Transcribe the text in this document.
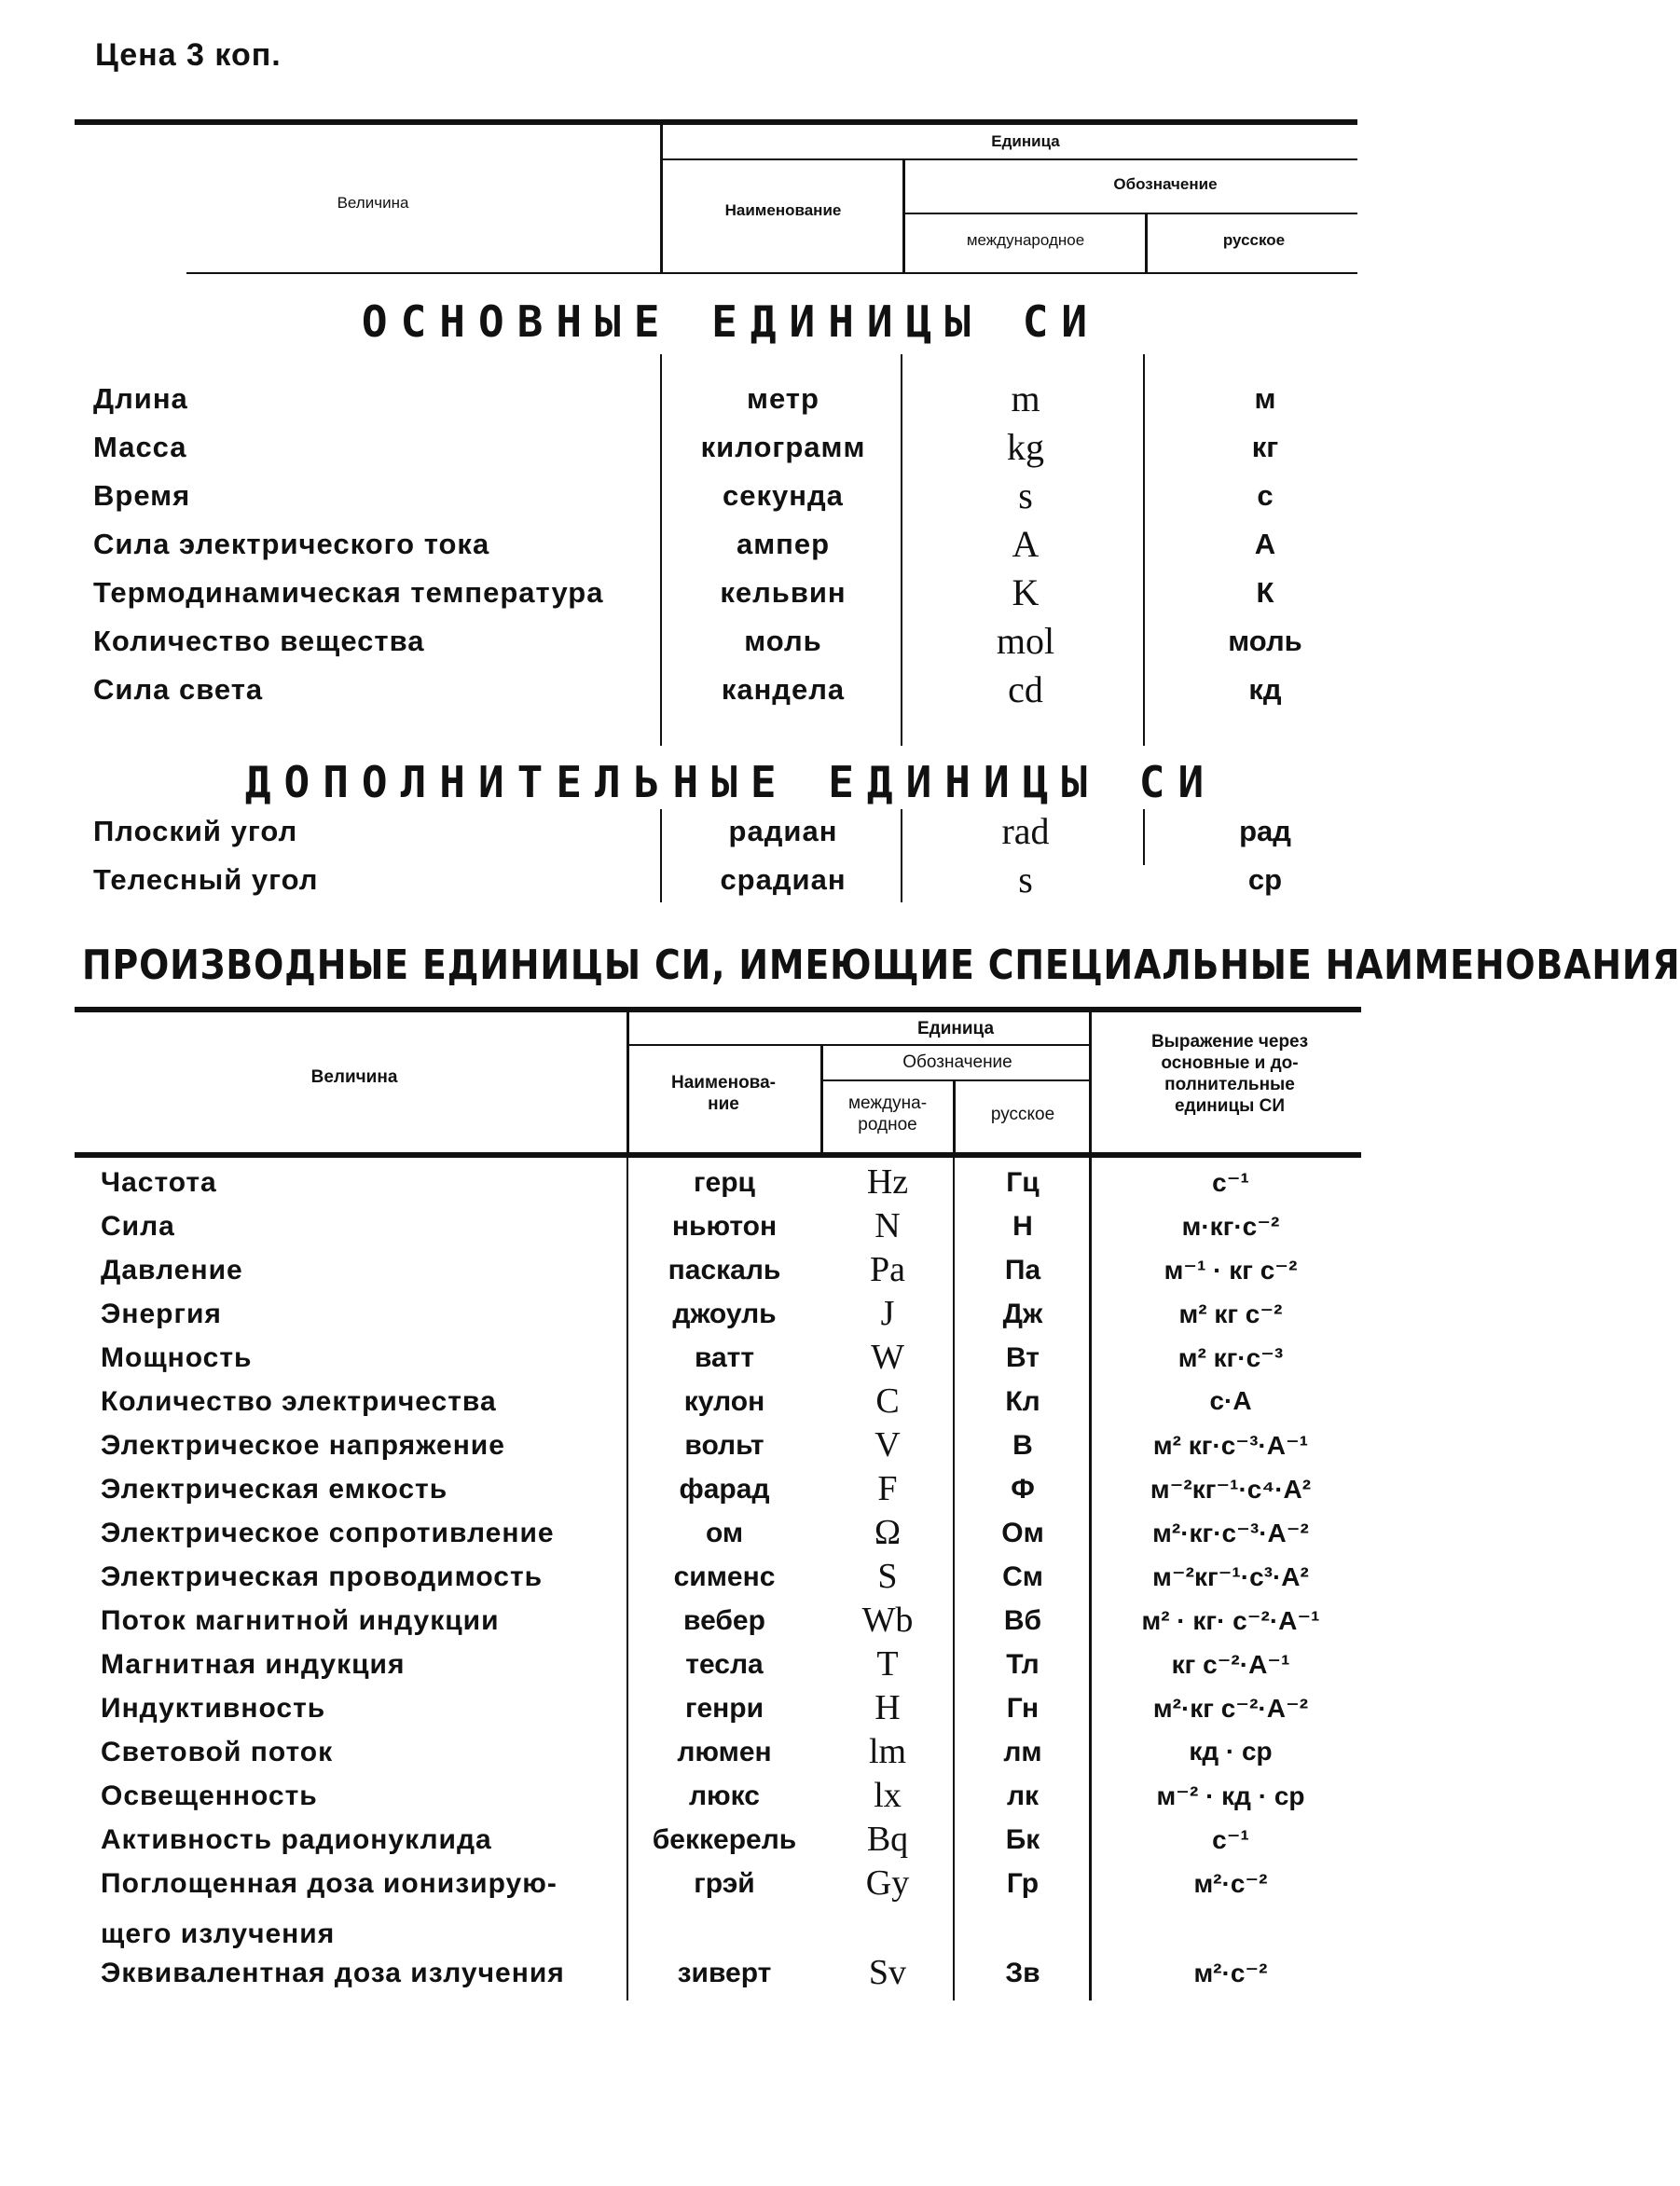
Цена 3 коп.
Величина
Единица
Наименование
Обозначение
международное	русское
ОСНОВНЫЕ ЕДИНИЦЫ СИ
Длина	метр	m	м
Масса	килограмм	kg	кг
Время	секунда	s	с
Сила электрического тока	ампер	A	А
Термодинамическая температура	кельвин	K	К
Количество вещества	моль	mol	моль
Сила света	кандела	cd	кд
ДОПОЛНИТЕЛЬНЫЕ ЕДИНИЦЫ СИ
Плоский угол	радиан	rad	рад
Телесный угол	срадиан	s	ср
ПРОИЗВОДНЫЕ ЕДИНИЦЫ СИ, ИМЕЮЩИЕ СПЕЦИАЛЬНЫЕ НАИМЕНОВАНИЯ
Величина
Единица
Наименова-
ние
Обозначение
междуна-
родное
русское
Выражение через
основные и до-
полнительные
единицы СИ
Частота	герц	Hz	Гц	с⁻¹
Сила	ньютон	N	Н	м·кг·с⁻²
Давление	паскаль	Pa	Па	м⁻¹ · кг с⁻²
Энергия	джоуль	J	Дж	м² кг с⁻²
Мощность	ватт	W	Вт	м² кг·с⁻³
Количество электричества	кулон	C	Кл	с·А
Электрическое напряжение	вольт	V	В	м² кг·с⁻³·А⁻¹
Электрическая емкость	фарад	F	Ф	м⁻²кг⁻¹·с⁴·А²
Электрическое сопротивление	ом	Ω	Ом	м²·кг·с⁻³·А⁻²
Электрическая проводимость	сименс	S	См	м⁻²кг⁻¹·с³·А²
Поток магнитной индукции	вебер	Wb	Вб	м² · кг· с⁻²·А⁻¹
Магнитная индукция	тесла	T	Тл	кг с⁻²·А⁻¹
Индуктивность	генри	H	Гн	м²·кг с⁻²·А⁻²
Световой поток	люмен	lm	лм	кд · ср
Освещенность	люкс	lx	лк	м⁻² · кд · ср
Активность радионуклида	беккерель	Bq	Бк	с⁻¹
Поглощенная доза ионизирую-	грэй	Gy	Гр	м²·с⁻²
щего излучения
Эквивалентная доза излучения	зиверт	Sv	Зв	м²·с⁻²
